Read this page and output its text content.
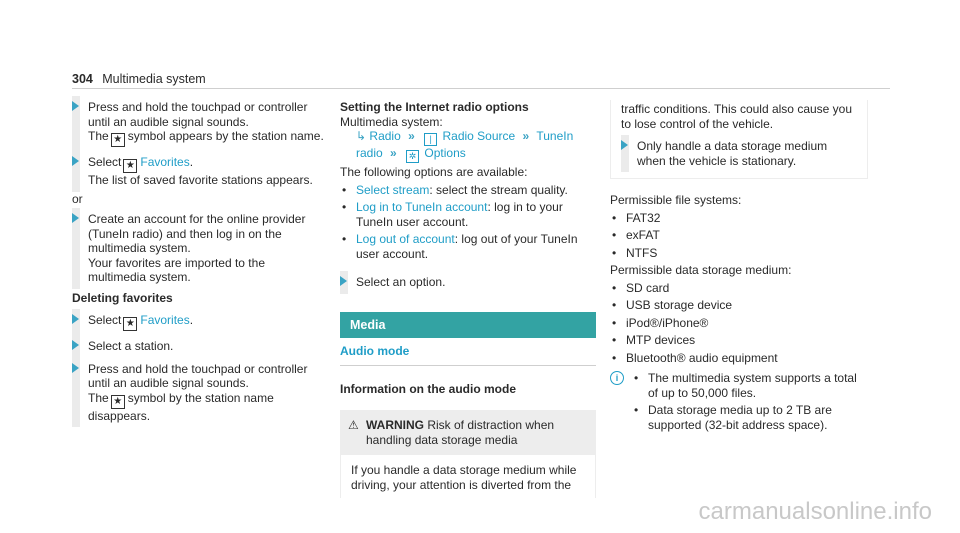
304 Multimedia system
Press and hold the touchpad or controller until an audible signal sounds.
The ★ symbol appears by the station name.
Select ★ Favorites.
The list of saved favorite stations appears.
or
Create an account for the online provider (TuneIn radio) and then log in on the multimedia system.
Your favorites are imported to the multimedia system.
Deleting favorites
Select ★ Favorites.
Select a station.
Press and hold the touchpad or controller until an audible signal sounds.
The ★ symbol by the station name disappears.
Setting the Internet radio options
Multimedia system:
↳ Radio » | Radio Source » TuneIn radio » ✲ Options
The following options are available:
• Select stream: select the stream quality.
• Log in to TuneIn account: log in to your TuneIn user account.
• Log out of account: log out of your TuneIn user account.
Select an option.
Media
Audio mode
Information on the audio mode
⚠ WARNING Risk of distraction when handling data storage media
If you handle a data storage medium while driving, your attention is diverted from the
traffic conditions. This could also cause you to lose control of the vehicle.
Only handle a data storage medium when the vehicle is stationary.
Permissible file systems:
• FAT32
• exFAT
• NTFS
Permissible data storage medium:
• SD card
• USB storage device
• iPod®/iPhone®
• MTP devices
• Bluetooth® audio equipment
i
•	The multimedia system supports a total of up to 50,000 files.
• Data storage media up to 2 TB are supported (32-bit address space).
carmanualsonline.info
